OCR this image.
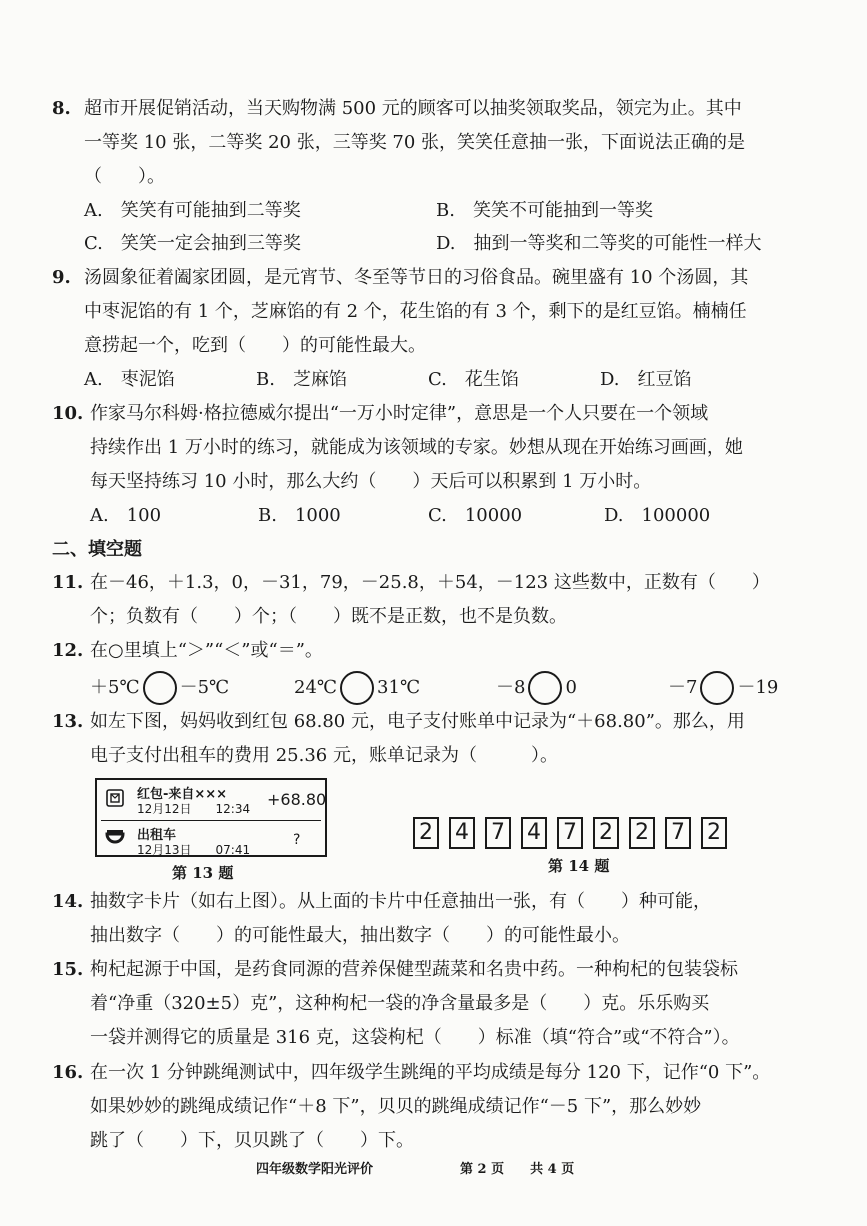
8. 超市开展促销活动，当天购物满 500 元的顾客可以抽奖领取奖品，领完为止。其中
一等奖 10 张，二等奖 20 张，三等奖 70 张，笑笑任意抽一张，下面说法正确的是
（　　）。
A.　笑笑有可能抽到二等奖	B.　笑笑不可能抽到一等奖
C.　笑笑一定会抽到三等奖	D.　抽到一等奖和二等奖的可能性一样大
9. 汤圆象征着阖家团圆，是元宵节、冬至等节日的习俗食品。碗里盛有 10 个汤圆，其
中枣泥馅的有 1 个，芝麻馅的有 2 个，花生馅的有 3 个，剩下的是红豆馅。楠楠任
意捞起一个，吃到（　　）的可能性最大。
A.　枣泥馅	B.　芝麻馅	C.　花生馅	D.　红豆馅
10. 作家马尔科姆·格拉德威尔提出“一万小时定律”，意思是一个人只要在一个领域
持续作出 1 万小时的练习，就能成为该领域的专家。妙想从现在开始练习画画，她
每天坚持练习 10 小时，那么大约（　　）天后可以积累到 1 万小时。
A.　100	B.　1000	C.　10000	D.　100000
二、填空题
11. 在－46，＋1.3，0，－31，79，－25.8，＋54，－123 这些数中，正数有（　　）
个；负数有（　　）个；（　　）既不是正数，也不是负数。
12. 在○里填上“＞”“＜”或“＝”。
＋5℃ －5℃	24℃ 31℃	－8 0	－7 －19
13. 如左下图，妈妈收到红包 68.80 元，电子支付账单中记录为“＋68.80”。那么，用
电子支付出租车的费用 25.36 元，账单记录为（　　　）。
红包-来自×××
12月12日　　12:34 +68.80
出租车
12月13日　　07:41
?
第 13 题
2 4 7 4 7 2 2 7 2
第 14 题
14. 抽数字卡片（如右上图）。从上面的卡片中任意抽出一张，有（　　）种可能，
抽出数字（　　）的可能性最大，抽出数字（　　）的可能性最小。
15. 枸杞起源于中国，是药食同源的营养保健型蔬菜和名贵中药。一种枸杞的包装袋标
着“净重（320±5）克”，这种枸杞一袋的净含量最多是（　　）克。乐乐购买
一袋并测得它的质量是 316 克，这袋枸杞（　　）标准（填“符合”或“不符合”）。
16. 在一次 1 分钟跳绳测试中，四年级学生跳绳的平均成绩是每分 120 下，记作“0 下”。
如果妙妙的跳绳成绩记作“＋8 下”，贝贝的跳绳成绩记作“－5 下”，那么妙妙
跳了（　　）下，贝贝跳了（　　）下。
四年级数学阳光评价	第 2 页　　共 4 页
